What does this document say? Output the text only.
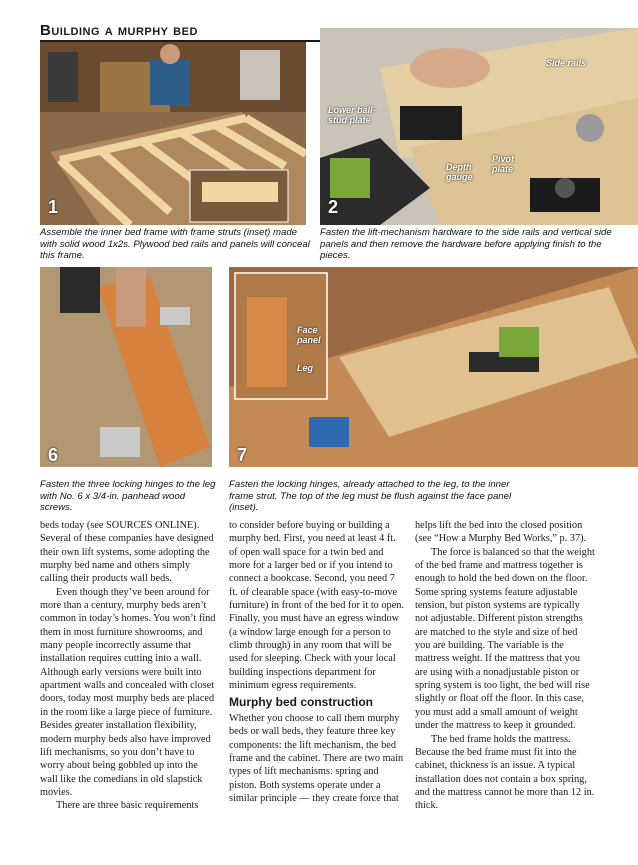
Building a murphy bed
1
Assemble the inner bed frame with frame struts (inset) made with solid wood 1x2s. Plywood bed rails and panels will conceal this frame.
Side rails
Lower ball-stud plate
Depth gauge
Pivot plate
2
Fasten the lift-mechanism hardware to the side rails and vertical side panels and then remove the hardware before applying finish to the pieces.
6
Fasten the three locking hinges to the leg with No. 6 x 3/4-in. panhead wood screws.
Face panel
Leg
7
Fasten the locking hinges, already attached to the leg, to the inner frame strut. The top of the leg must be flush against the face panel (inset).

beds today (see SOURCES ONLINE). Several of these companies have designed their own lift systems, some adopting the murphy bed name and others simply calling their products wall beds.

Even though they’ve been around for more than a century, murphy beds aren’t common in today’s homes. You won’t find them in most furniture showrooms, and many people incorrectly assume that installation requires cutting into a wall. Although early versions were built into apartment walls and concealed with closet doors, today most murphy beds are placed in the room like a large piece of furniture. Besides greater installation flexibility, modern murphy beds also have improved lift mechanisms, so you don’t have to worry about being gobbled up into the wall like the comedians in old slapstick movies.

There are three basic requirements

to consider before buying or building a murphy bed. First, you need at least 4 ft. of open wall space for a twin bed and more for a larger bed or if you intend to connect a bookcase. Second, you need 7 ft. of clearable space (with easy-to-move furniture) in front of the bed for it to open. Finally, you must have an egress window (a window large enough for a person to climb through) in any room that will be used for sleeping. Check with your local building inspections department for minimum egress requirements.

Murphy bed construction

Whether you choose to call them murphy beds or wall beds, they feature three key components: the lift mechanism, the bed frame and the cabinet. There are two main types of lift mechanisms: spring and piston. Both systems operate under a similar principle — they create force that

helps lift the bed into the closed position (see “How a Murphy Bed Works,” p. 37).

The force is balanced so that the weight of the bed frame and mattress together is enough to hold the bed down on the floor. Some spring systems feature adjustable tension, but piston systems are typically not adjustable. Different piston strengths are matched to the style and size of bed you are building. The variable is the mattress weight. If the mattress that you are using with a nonadjustable piston or spring system is too light, the bed will rise slightly or float off the floor. In this case, you must add a small amount of weight under the mattress to keep it grounded.

The bed frame holds the mattress. Because the bed frame must fit into the cabinet, thickness is an issue. A typical installation does not contain a box spring, and the mattress cannot be more than 12 in. thick.
